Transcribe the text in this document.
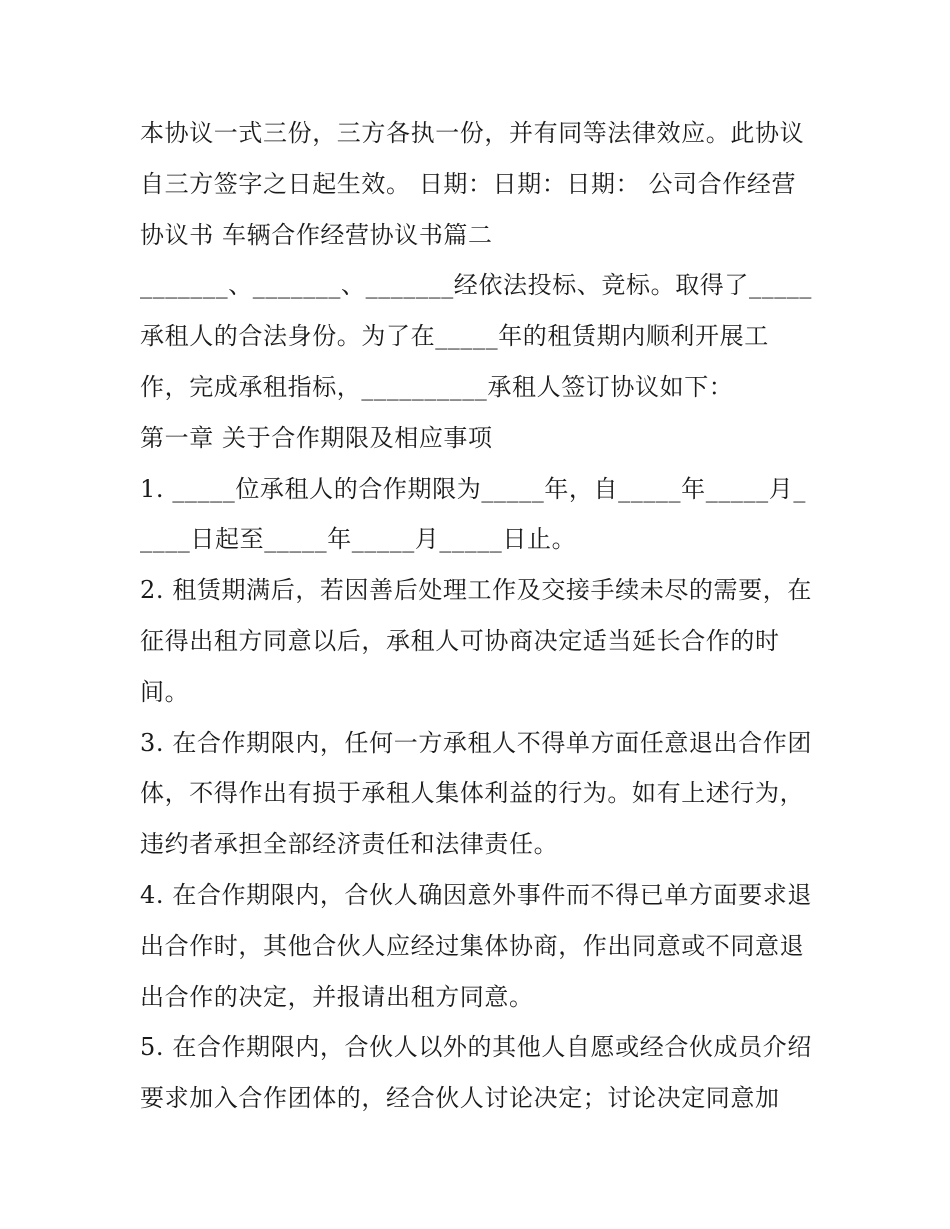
本协议一式三份，三方各执一份，并有同等法律效应。此协议自三方签字之日起生效。 日期：日期：日期： 公司合作经营协议书 车辆合作经营协议书篇二

_______、_______、_______经依法投标、竞标。取得了_____承租人的合法身份。为了在_____年的租赁期内顺利开展工作，完成承租指标，__________承租人签订协议如下：

第一章 关于合作期限及相应事项

1. _____位承租人的合作期限为_____年，自_____年_____月_____日起至_____年_____月_____日止。

2. 租赁期满后，若因善后处理工作及交接手续未尽的需要，在征得出租方同意以后，承租人可协商决定适当延长合作的时间。

3. 在合作期限内，任何一方承租人不得单方面任意退出合作团体，不得作出有损于承租人集体利益的行为。如有上述行为，违约者承担全部经济责任和法律责任。

4. 在合作期限内，合伙人确因意外事件而不得已单方面要求退出合作时，其他合伙人应经过集体协商，作出同意或不同意退出合作的决定，并报请出租方同意。

5. 在合作期限内，合伙人以外的其他人自愿或经合伙成员介绍要求加入合作团体的，经合伙人讨论决定；讨论决定同意加
